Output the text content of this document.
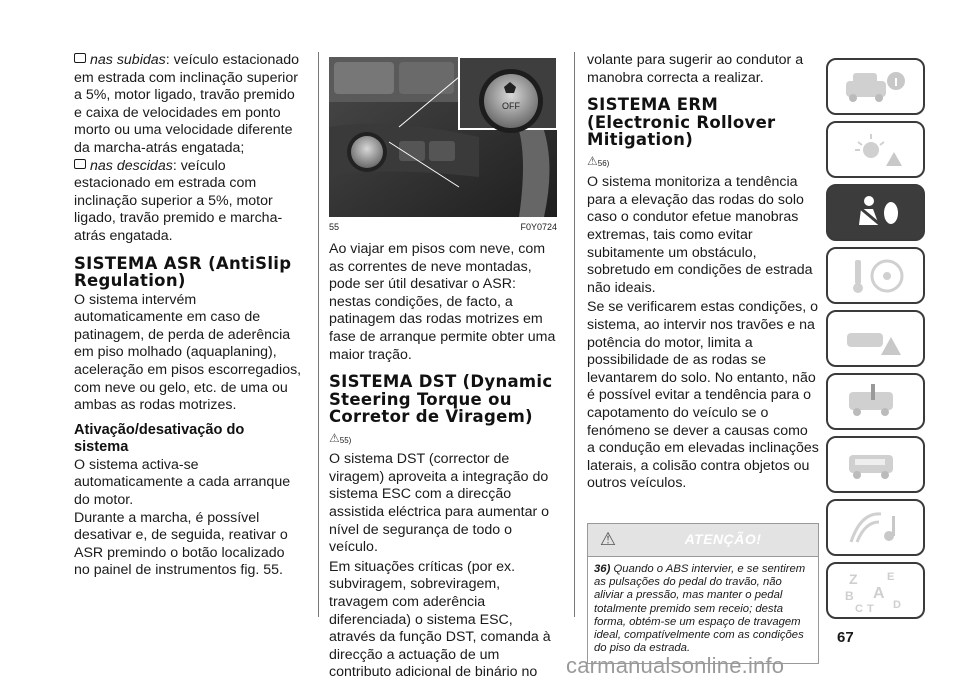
nas subidas: veículo estacionado em estrada com inclinação superior a 5%, motor ligado, travão premido e caixa de velocidades em ponto morto ou uma velocidade diferente da marcha-atrás engatada;

nas descidas: veículo estacionado em estrada com inclinação superior a 5%, motor ligado, travão premido e marcha-atrás engatada.

SISTEMA ASR (AntiSlip Regulation)

O sistema intervém automaticamente em caso de patinagem, de perda de aderência em piso molhado (aquaplaning), aceleração em pisos escorregadios, com neve ou gelo, etc. de uma ou ambas as rodas motrizes.

Ativação/desativação do sistema

O sistema activa-se automaticamente a cada arranque do motor.

Durante a marcha, é possível desativar e, de seguida, reativar o ASR premindo o botão localizado no painel de instrumentos fig. 55.

OFF
55	F0Y0724

Ao viajar em pisos com neve, com as correntes de neve montadas, pode ser útil desativar o ASR: nestas condições, de facto, a patinagem das rodas motrizes em fase de arranque permite obter uma maior tração.

SISTEMA DST (Dynamic Steering Torque ou Corretor de Viragem)
⚠55)

O sistema DST (corrector de viragem) aproveita a integração do sistema ESC com a direcção assistida eléctrica para aumentar o nível de segurança de todo o veículo.

Em situações críticas (por ex. subviragem, sobreviragem, travagem com aderência diferenciada) o sistema ESC, através da função DST, comanda à direcção a actuação de um contributo adicional de binário no

volante para sugerir ao condutor a manobra correcta a realizar.

SISTEMA ERM (Electronic Rollover Mitigation)
⚠56)

O sistema monitoriza a tendência para a elevação das rodas do solo caso o condutor efetue manobras extremas, tais como evitar subitamente um obstáculo, sobretudo em condições de estrada não ideais.

Se se verificarem estas condições, o sistema, ao intervir nos travões e na potência do motor, limita a possibilidade de as rodas se levantarem do solo. No entanto, não é possível evitar a tendência para o capotamento do veículo se o fenómeno se dever a causas como a condução em elevadas inclinações laterais, a colisão contra objetos ou outros veículos.

⚠	ATENÇÃO!
36) Quando o ABS intervier, e se sentirem as pulsações do pedal do travão, não aliviar a pressão, mas manter o pedal totalmente premido sem receio; desta forma, obtém-se um espaço de travagem ideal, compatívelmente com as condições do piso da estrada.
Z	E
B A
C T D
67
carmanualsonline.info
